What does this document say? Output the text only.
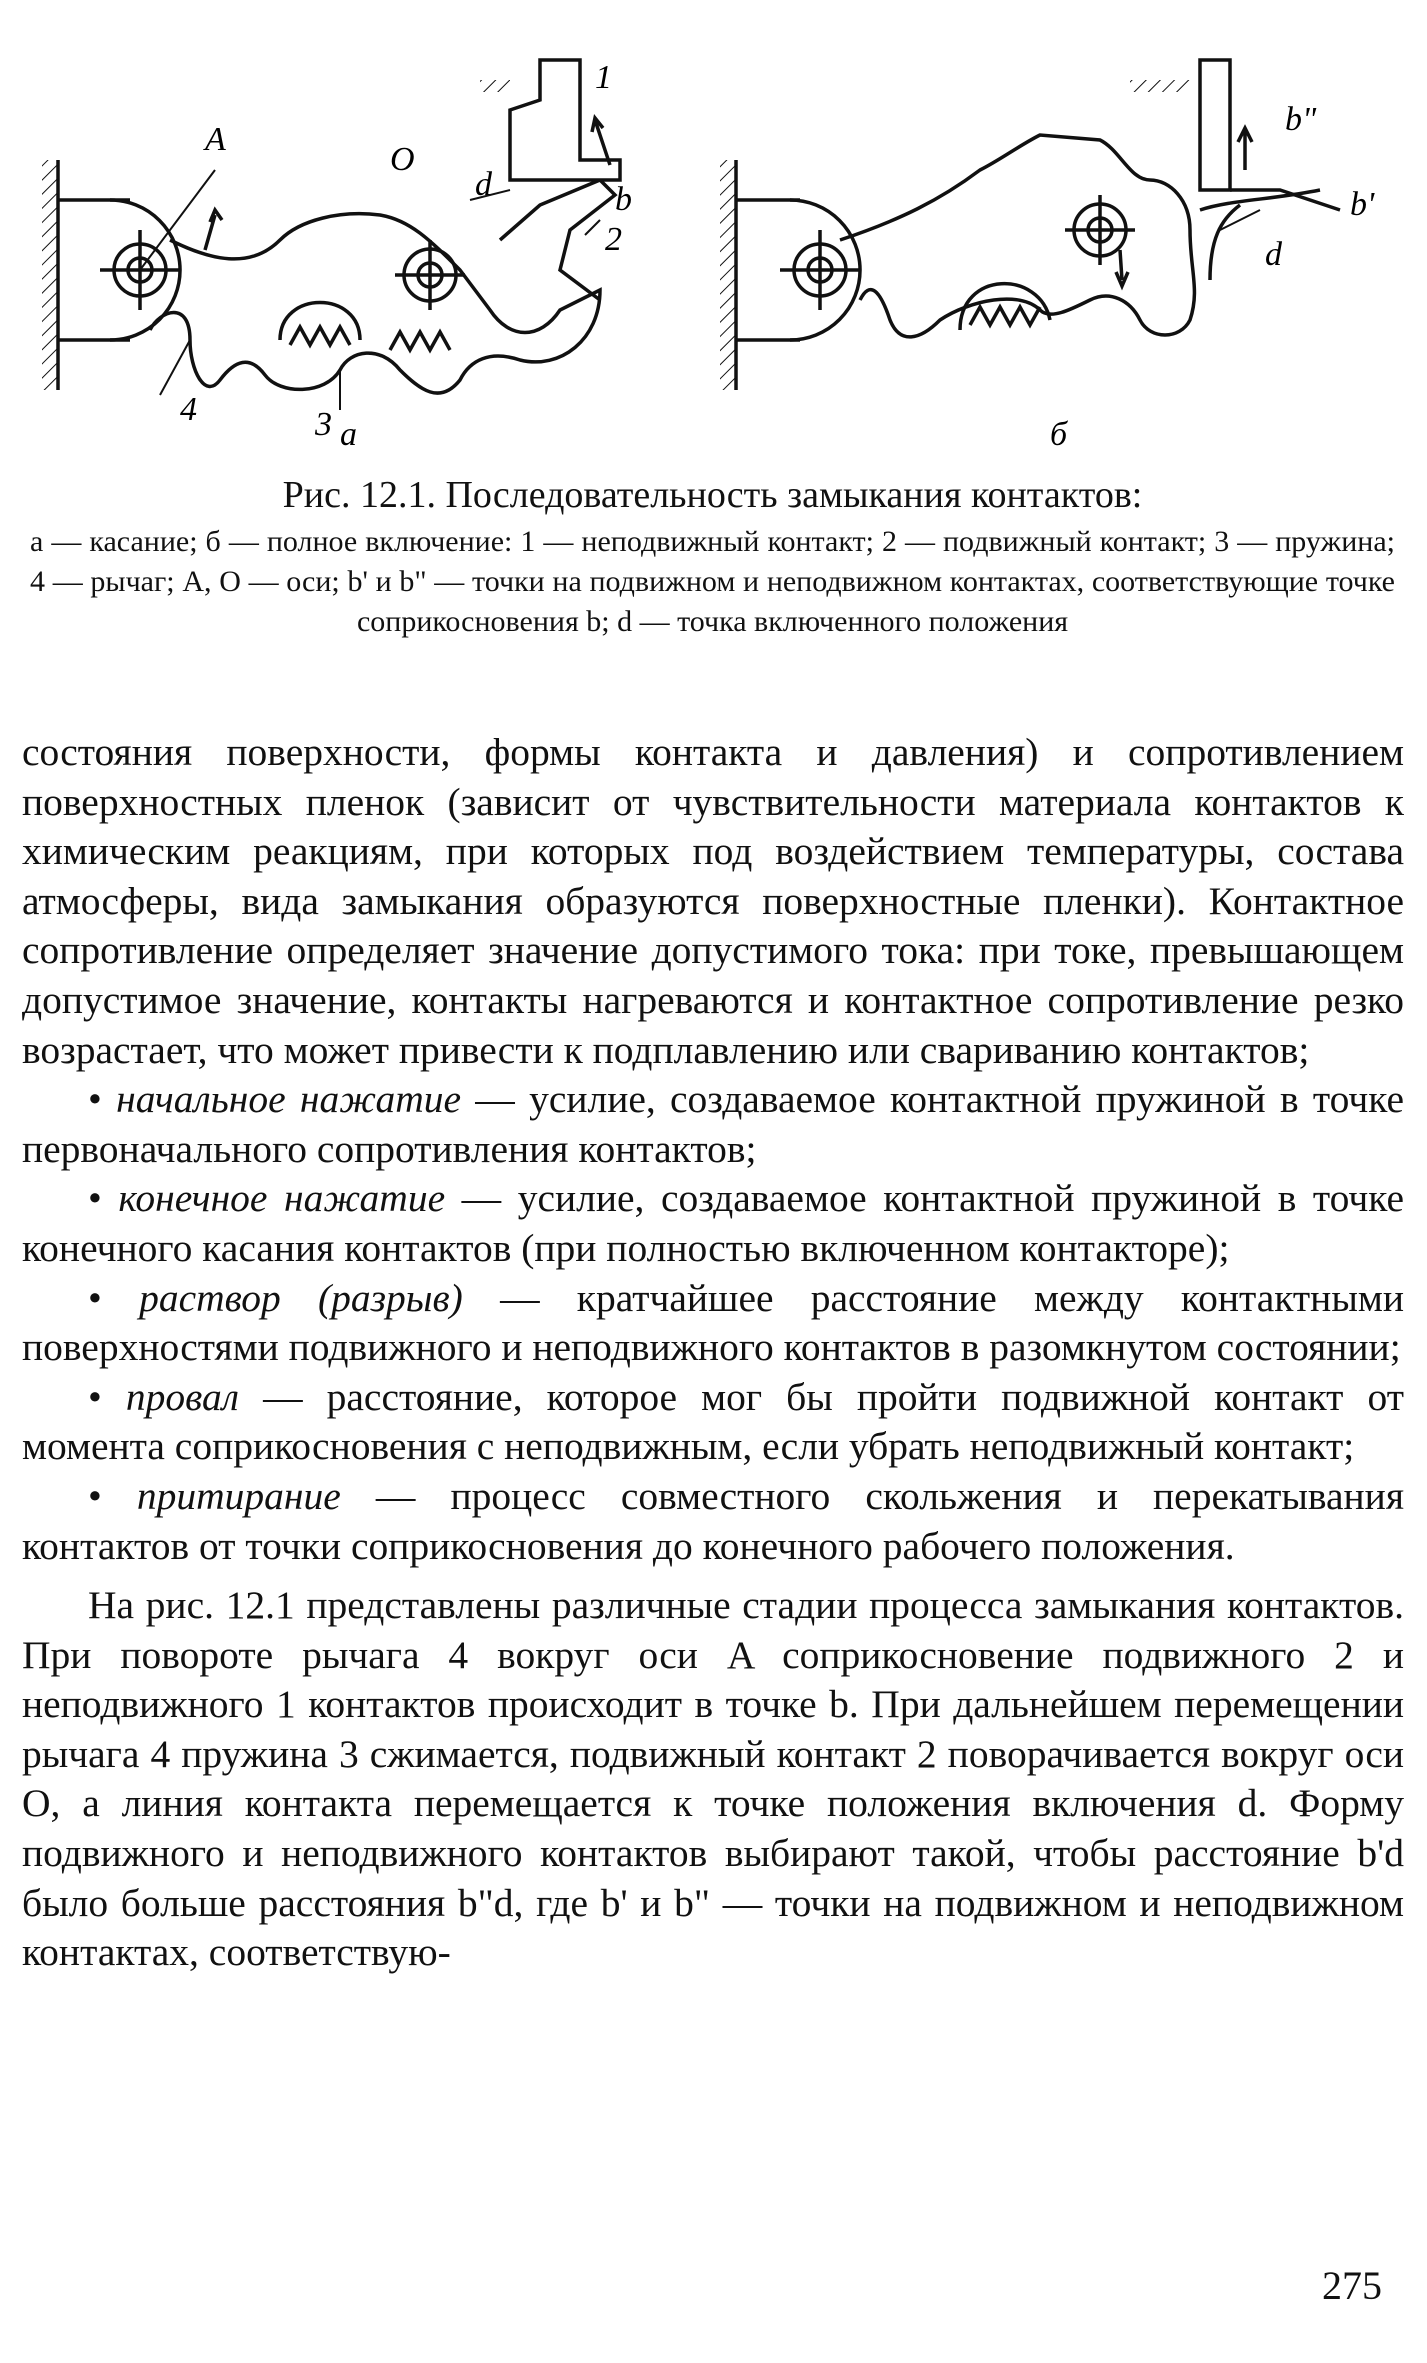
A
O
1
2
3
4
b
d
а
b"
b'
d
б
Рис. 12.1. Последовательность замыкания контактов:
а — касание; б — полное включение: 1 — неподвижный контакт; 2 — подвижный контакт; 3 — пружина; 4 — рычаг; A, O — оси; b' и b" — точки на подвижном и неподвижном контактах, соответствующие точке соприкосновения b; d — точка включенного положения

состояния поверхности, формы контакта и давления) и сопротивлением поверхностных пленок (зависит от чувствительности материала контактов к химическим реакциям, при которых под воздействием температуры, состава атмосферы, вида замыкания образуются поверхностные пленки). Контактное сопротивление определяет значение допустимого тока: при токе, превышающем допустимое значение, контакты нагреваются и контактное сопротивление резко возрастает, что может привести к подплавлению или свариванию контактов;

• начальное нажатие — усилие, создаваемое контактной пружиной в точке первоначального сопротивления контактов;

• конечное нажатие — усилие, создаваемое контактной пружиной в точке конечного касания контактов (при полностью включенном контакторе);

• раствор (разрыв) — кратчайшее расстояние между контактными поверхностями подвижного и неподвижного контактов в разомкнутом состоянии;

• провал — расстояние, которое мог бы пройти подвижной контакт от момента соприкосновения с неподвижным, если убрать неподвижный контакт;

• притирание — процесс совместного скольжения и перекатывания контактов от точки соприкосновения до конечного рабочего положения.

На рис. 12.1 представлены различные стадии процесса замыкания контактов. При повороте рычага 4 вокруг оси A соприкосновение подвижного 2 и неподвижного 1 контактов происходит в точке b. При дальнейшем перемещении рычага 4 пружина 3 сжимается, подвижный контакт 2 поворачивается вокруг оси O, а линия контакта перемещается к точке положения включения d. Форму подвижного и неподвижного контактов выбирают такой, чтобы расстояние b'd было больше расстояния b"d, где b' и b" — точки на подвижном и неподвижном контактах, соответствую-

275
